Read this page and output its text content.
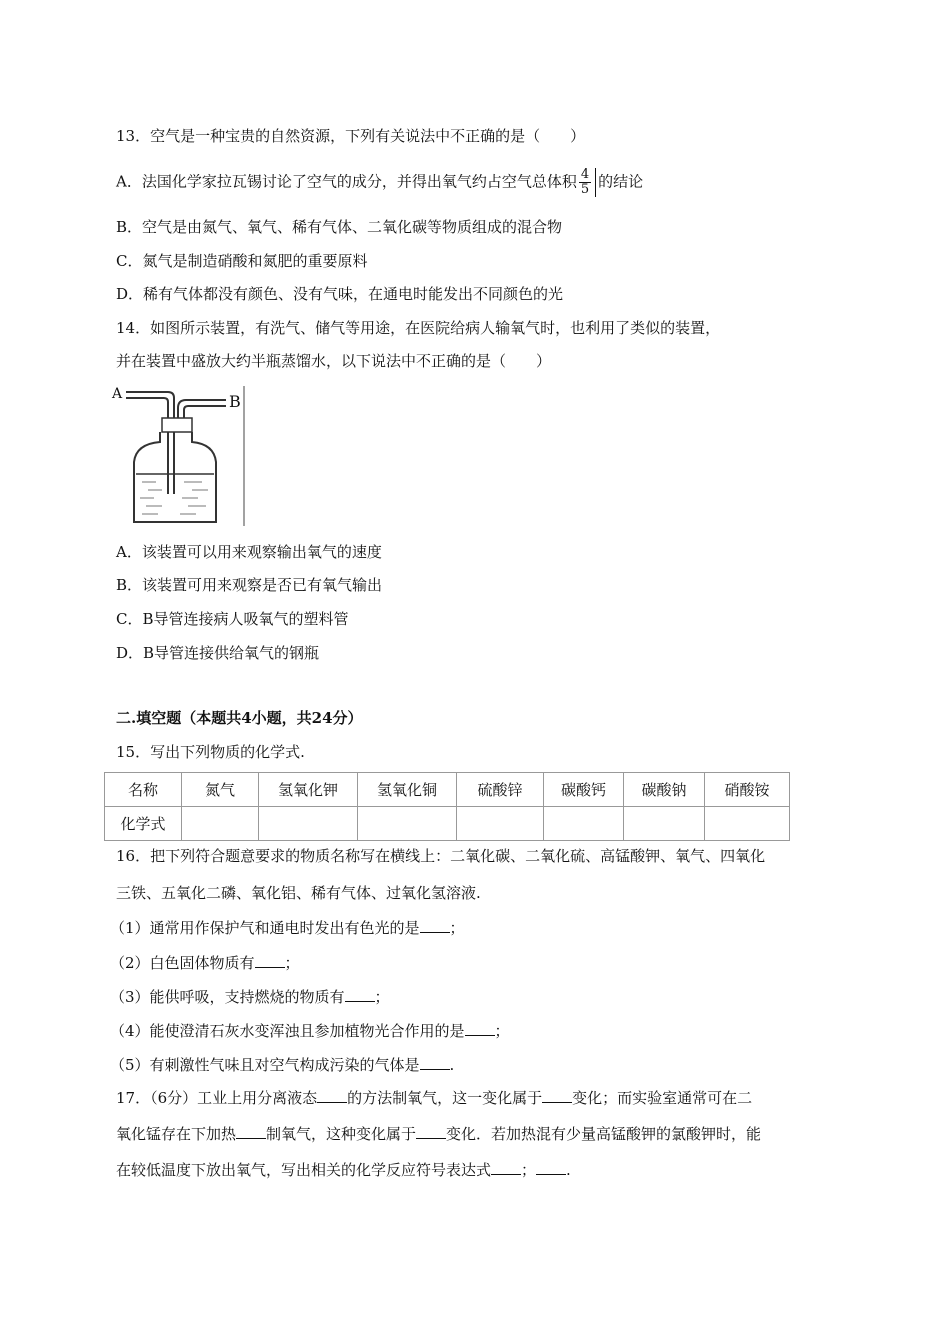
13．空气是一种宝贵的自然资源，下列有关说法中不正确的是（　　）
A．法国化学家拉瓦锡讨论了空气的成分，并得出氧气约占空气总体积 $\frac{4}{5}$ 的结论
B．空气是由氮气、氧气、稀有气体、二氧化碳等物质组成的混合物
C．氮气是制造硝酸和氮肥的重要原料
D．稀有气体都没有颜色、没有气味，在通电时能发出不同颜色的光
14．如图所示装置，有洗气、储气等用途，在医院给病人输氧气时，也利用了类似的装置，
并在装置中盛放大约半瓶蒸馏水，以下说法中不正确的是（　　）
A	B
A．该装置可以用来观察输出氧气的速度
B．该装置可用来观察是否已有氧气输出
C．B导管连接病人吸氧气的塑料管
D．B导管连接供给氧气的钢瓶
二.填空题（本题共4小题，共24分）
15．写出下列物质的化学式.
名称	氮气	氢氧化钾	氢氧化铜	硫酸锌	碳酸钙	碳酸钠	硝酸铵
化学式							
16．把下列符合题意要求的物质名称写在横线上：二氧化碳、二氧化硫、高锰酸钾、氧气、四氧化
三铁、五氧化二磷、氧化铝、稀有气体、过氧化氢溶液.
（1）通常用作保护气和通电时发出有色光的是 ；
（2）白色固体物质有 ；
（3）能供呼吸，支持燃烧的物质有 ；
（4）能使澄清石灰水变浑浊且参加植物光合作用的是 ；
（5）有刺激性气味且对空气构成污染的气体是 .
17．（6分）工业上用分离液态 的方法制氧气，这一变化属于 变化；而实验室通常可在二
氧化锰存在下加热 制氧气，这种变化属于 变化．若加热混有少量高锰酸钾的氯酸钾时，能
在较低温度下放出氧气，写出相关的化学反应符号表达式 ； .
